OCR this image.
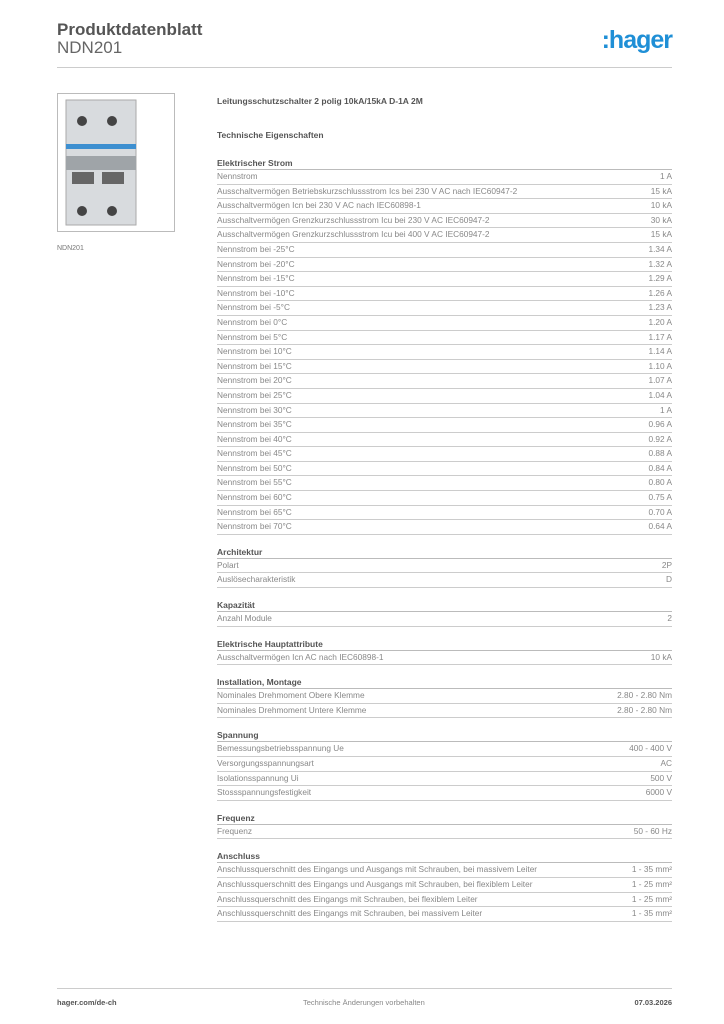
Produktdatenblatt
NDN201	:hager
NDN201
Leitungsschutzschalter 2 polig 10kA/15kA D-1A 2M
Technische Eigenschaften
Elektrischer Strom
Nennstrom	1 A
Ausschaltvermögen Betriebskurzschlussstrom Ics bei 230 V AC nach IEC60947-2	15 kA
Ausschaltvermögen Icn bei 230 V AC nach IEC60898-1	10 kA
Ausschaltvermögen Grenzkurzschlussstrom Icu bei 230 V AC IEC60947-2	30 kA
Ausschaltvermögen Grenzkurzschlussstrom Icu bei 400 V AC IEC60947-2	15 kA
Nennstrom bei -25°C	1.34 A
Nennstrom bei -20°C	1.32 A
Nennstrom bei -15°C	1.29 A
Nennstrom bei -10°C	1.26 A
Nennstrom bei -5°C	1.23 A
Nennstrom bei 0°C	1.20 A
Nennstrom bei 5°C	1.17 A
Nennstrom bei 10°C	1.14 A
Nennstrom bei 15°C	1.10 A
Nennstrom bei 20°C	1.07 A
Nennstrom bei 25°C	1.04 A
Nennstrom bei 30°C	1 A
Nennstrom bei 35°C	0.96 A
Nennstrom bei 40°C	0.92 A
Nennstrom bei 45°C	0.88 A
Nennstrom bei 50°C	0.84 A
Nennstrom bei 55°C	0.80 A
Nennstrom bei 60°C	0.75 A
Nennstrom bei 65°C	0.70 A
Nennstrom bei 70°C	0.64 A
Architektur
Polart	2P
Auslösecharakteristik	D
Kapazität
Anzahl Module	2
Elektrische Hauptattribute
Ausschaltvermögen Icn AC nach IEC60898-1	10 kA
Installation, Montage
Nominales Drehmoment Obere Klemme	2.80 - 2.80 Nm
Nominales Drehmoment Untere Klemme	2.80 - 2.80 Nm
Spannung
Bemessungsbetriebsspannung Ue	400 - 400 V
Versorgungsspannungsart	AC
Isolationsspannung Ui	500 V
Stossspannungsfestigkeit	6000 V
Frequenz
Frequenz	50 - 60 Hz
Anschluss
Anschlussquerschnitt des Eingangs und Ausgangs mit Schrauben, bei massivem Leiter	1 - 35 mm²
Anschlussquerschnitt des Eingangs und Ausgangs mit Schrauben, bei flexiblem Leiter	1 - 25 mm²
Anschlussquerschnitt des Eingangs mit Schrauben, bei flexiblem Leiter	1 - 25 mm²
Anschlussquerschnitt des Eingangs mit Schrauben, bei massivem Leiter	1 - 35 mm²
hager.com/de-ch	Technische Änderungen vorbehalten	07.03.2026
